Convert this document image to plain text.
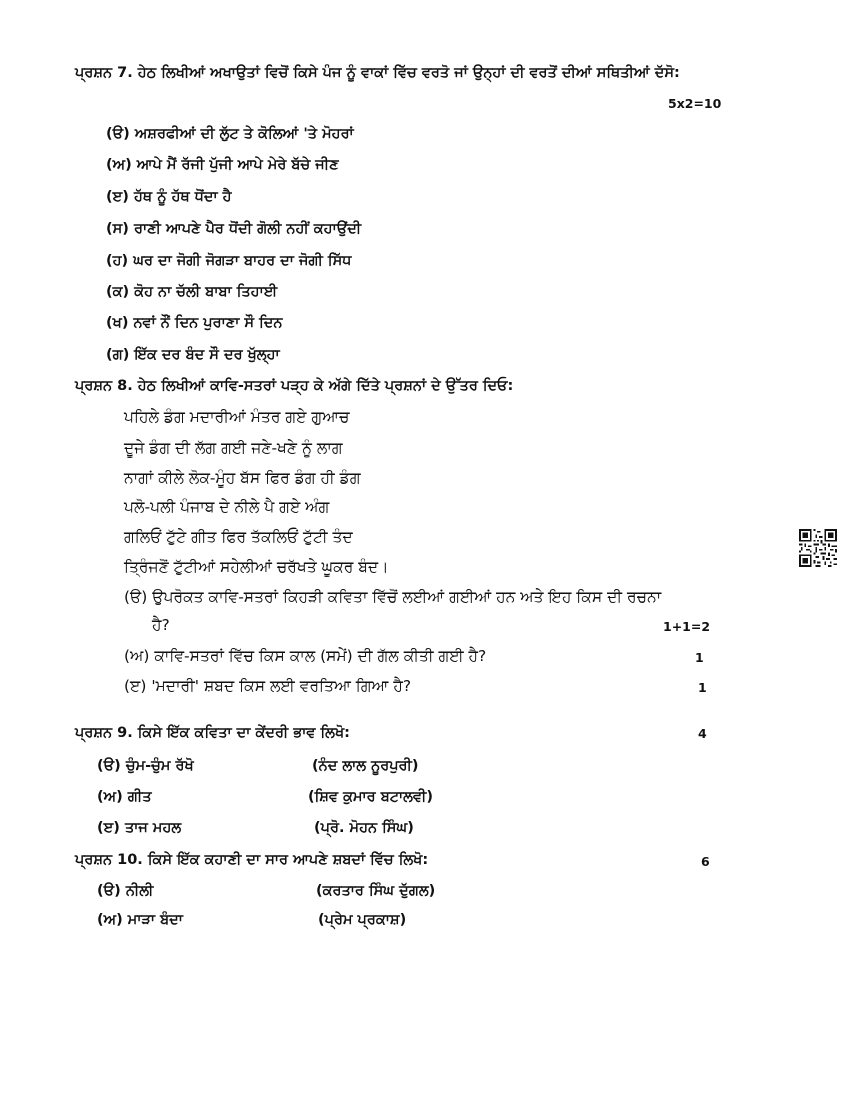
ਪ੍ਰਸ਼ਨ 7. ਹੇਠ ਲਿਖੀਆਂ ਅਖਾਉਤਾਂ ਵਿਚੋਂ ਕਿਸੇ ਪੰਜ ਨੂੰ ਵਾਕਾਂ ਵਿੱਚ ਵਰਤੋ ਜਾਂ ਉਨ੍ਹਾਂ ਦੀ ਵਰਤੋਂ ਦੀਆਂ ਸਥਿਤੀਆਂ ਦੱਸੋ:
5x2=10
(ੳ) ਅਸ਼ਰਫੀਆਂ ਦੀ ਲੁੱਟ ਤੇ ਕੋਲਿਆਂ 'ਤੇ ਮੋਹਰਾਂ
(ਅ) ਆਪੇ ਮੈਂ ਰੱਜੀ ਪੁੱਜੀ ਆਪੇ ਮੇਰੇ ਬੱਚੇ ਜੀਣ
(ੲ) ਹੱਥ ਨੂੰ ਹੱਥ ਧੋਂਦਾ ਹੈ
(ਸ) ਰਾਣੀ ਆਪਣੇ ਪੈਰ ਧੋਂਦੀ ਗੋਲੀ ਨਹੀਂ ਕਹਾਉਂਦੀ
(ਹ) ਘਰ ਦਾ ਜੋਗੀ ਜੋਗੜਾ ਬਾਹਰ ਦਾ ਜੋਗੀ ਸਿੱਧ
(ਕ) ਕੋਹ ਨਾ ਚੱਲੀ ਬਾਬਾ ਤਿਹਾਈ
(ਖ) ਨਵਾਂ ਨੌਂ ਦਿਨ ਪੁਰਾਣਾ ਸੌ ਦਿਨ
(ਗ) ਇੱਕ ਦਰ ਬੰਦ ਸੌ ਦਰ ਖੁੱਲ੍ਹਾ
ਪ੍ਰਸ਼ਨ 8. ਹੇਠ ਲਿਖੀਆਂ ਕਾਵਿ-ਸਤਰਾਂ ਪੜ੍ਹ ਕੇ ਅੱਗੇ ਦਿੱਤੇ ਪ੍ਰਸ਼ਨਾਂ ਦੇ ਉੱਤਰ ਦਿਓ:
ਪਹਿਲੇ ਡੰਗ ਮਦਾਰੀਆਂ ਮੰਤਰ ਗਏ ਗੁਆਚ
ਦੂਜੇ ਡੰਗ ਦੀ ਲੱਗ ਗਈ ਜਣੇ-ਖਣੇ ਨੂੰ ਲਾਗ
ਨਾਗਾਂ ਕੀਲੇ ਲੋਕ-ਮੂੰਹ ਬੱਸ ਫਿਰ ਡੰਗ ਹੀ ਡੰਗ
ਪਲੋ-ਪਲੀ ਪੰਜਾਬ ਦੇ ਨੀਲੇ ਪੈ ਗਏ ਅੰਗ
ਗਲਿਓਂ ਟੁੱਟੇ ਗੀਤ ਫਿਰ ਤੱਕਲਿਓਂ ਟੁੱਟੀ ਤੰਦ
ਤ੍ਰਿੰਜਣੋਂ ਟੁੱਟੀਆਂ ਸਹੇਲੀਆਂ ਚਰੱਖਤੇ ਘੂਕਰ ਬੰਦ।
(ੳ) ਉਪਰੋਕਤ ਕਾਵਿ-ਸਤਰਾਂ ਕਿਹੜੀ ਕਵਿਤਾ ਵਿੱਚੋਂ ਲਈਆਂ ਗਈਆਂ ਹਨ ਅਤੇ ਇਹ ਕਿਸ ਦੀ ਰਚਨਾ
ਹੈ?	1+1=2
(ਅ) ਕਾਵਿ-ਸਤਰਾਂ ਵਿੱਚ ਕਿਸ ਕਾਲ (ਸਮੇਂ) ਦੀ ਗੱਲ ਕੀਤੀ ਗਈ ਹੈ?	1
(ੲ) 'ਮਦਾਰੀ' ਸ਼ਬਦ ਕਿਸ ਲਈ ਵਰਤਿਆ ਗਿਆ ਹੈ?	1
ਪ੍ਰਸ਼ਨ 9. ਕਿਸੇ ਇੱਕ ਕਵਿਤਾ ਦਾ ਕੇਂਦਰੀ ਭਾਵ ਲਿਖੋ:	4
(ੳ) ਚੁੰਮ-ਚੁੰਮ ਰੱਖੋ	(ਨੰਦ ਲਾਲ ਨੂਰਪੁਰੀ)
(ਅ) ਗੀਤ	(ਸ਼ਿਵ ਕੁਮਾਰ ਬਟਾਲਵੀ)
(ੲ) ਤਾਜ ਮਹਲ	(ਪ੍ਰੋ. ਮੋਹਨ ਸਿੰਘ)
ਪ੍ਰਸ਼ਨ 10. ਕਿਸੇ ਇੱਕ ਕਹਾਣੀ ਦਾ ਸਾਰ ਆਪਣੇ ਸ਼ਬਦਾਂ ਵਿੱਚ ਲਿਖੋ:	6
(ੳ) ਨੀਲੀ	(ਕਰਤਾਰ ਸਿੰਘ ਦੁੱਗਲ)
(ਅ) ਮਾੜਾ ਬੰਦਾ	(ਪ੍ਰੇਮ ਪ੍ਰਕਾਸ਼)
